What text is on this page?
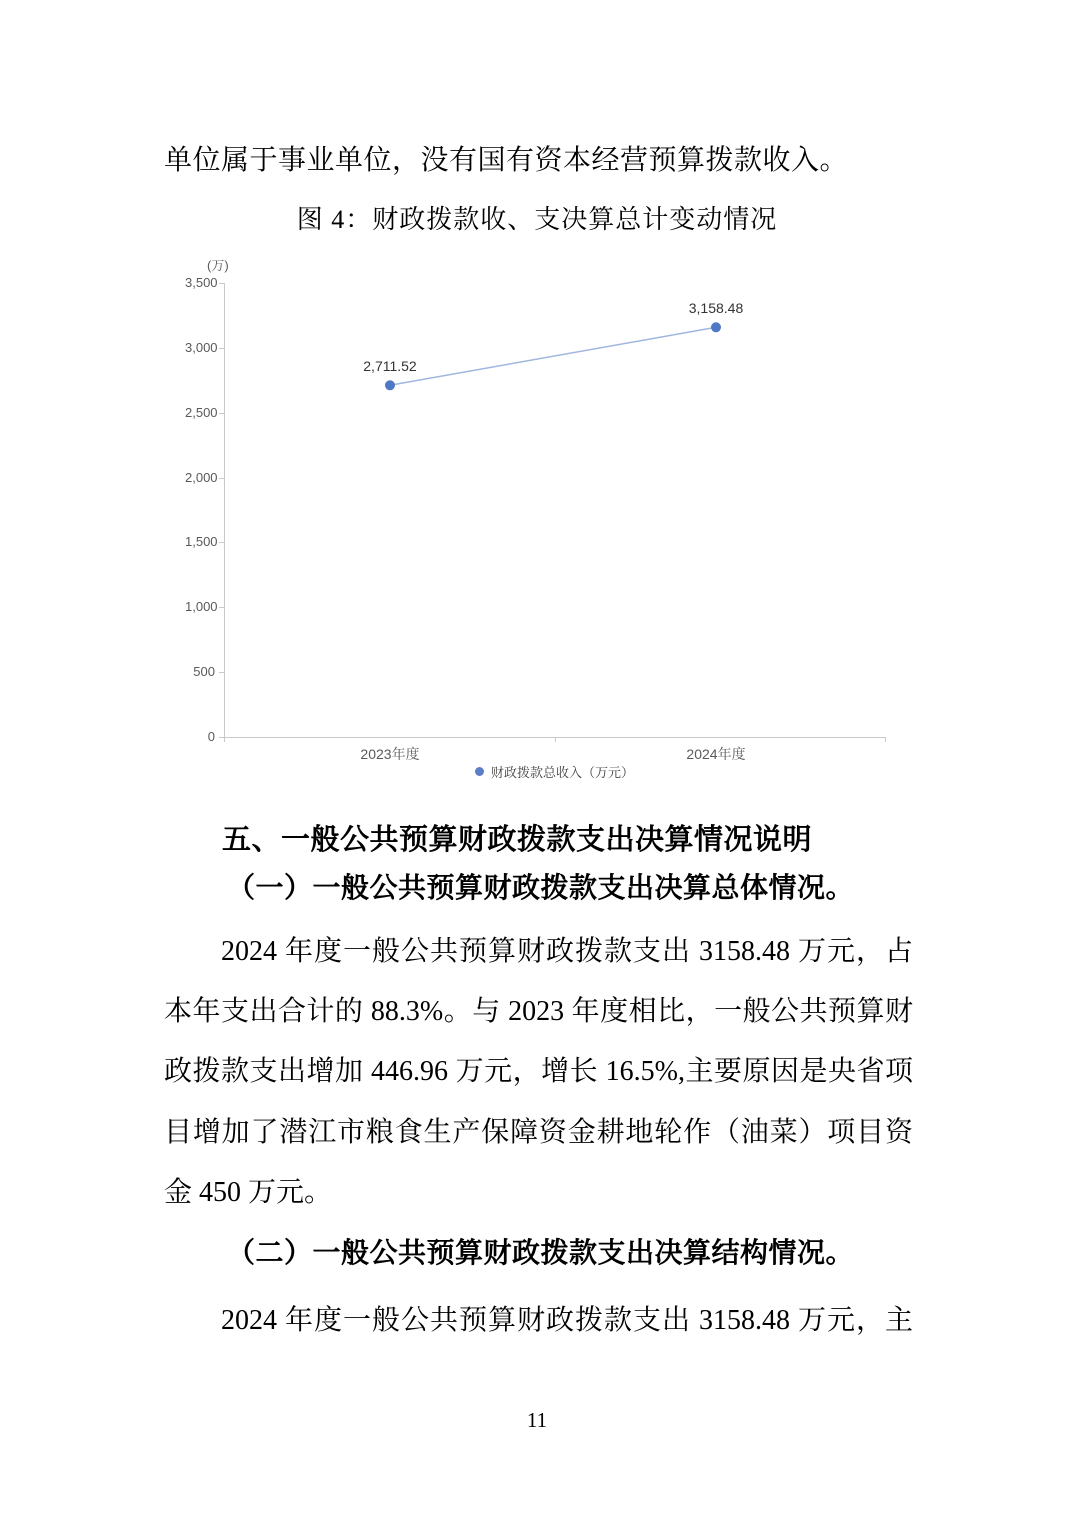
单位属于事业单位，没有国有资本经营预算拨款收入。

图 4：财政拨款收、支决算总计变动情况
(万)
3,500
3,000
2,500
2,000
1,500
1,000
500
0
2,711.52
3,158.48
2023年度	2024年度
财政拨款总收入（万元）
五、一般公共预算财政拨款支出决算情况说明

（一）一般公共预算财政拨款支出决算总体情况。

2024 年度一般公共预算财政拨款支出 3158.48 万元，占

本年支出合计的 88.3%。与 2023 年度相比，一般公共预算财

政拨款支出增加 446.96 万元，增长 16.5%,主要原因是央省项

目增加了潜江市粮食生产保障资金耕地轮作（油菜）项目资

金 450 万元。

（二）一般公共预算财政拨款支出决算结构情况。

2024 年度一般公共预算财政拨款支出 3158.48 万元，主

11
